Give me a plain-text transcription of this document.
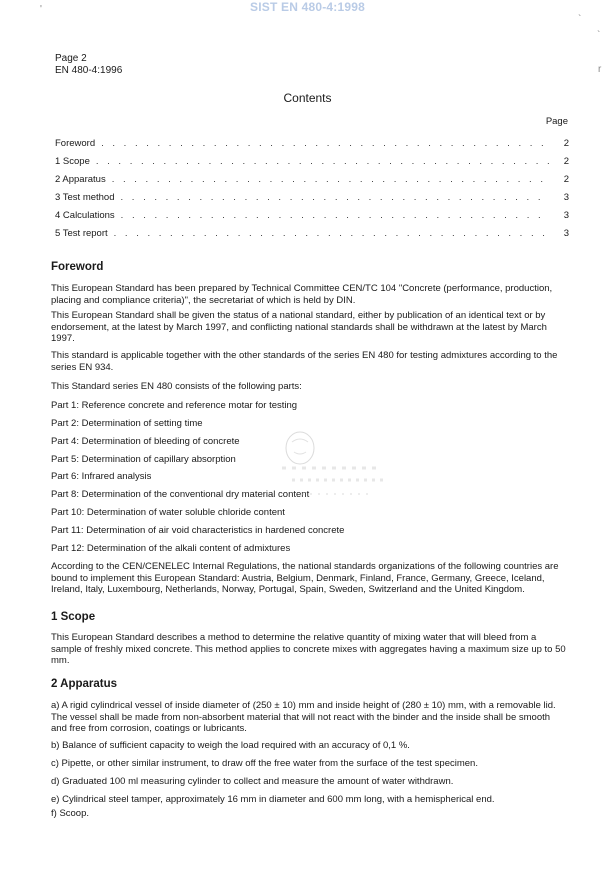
SIST EN 480-4:1998
'
`
`
r
Page 2
EN 480-4:1996
Contents
Page
Foreword . . .	2
1 Scope . . .	2
2 Apparatus . . .	2
3 Test method . . .	3
4 Calculations . . .	3
5 Test report . . .	3
Foreword
This European Standard has been prepared by Technical Committee CEN/TC 104 "Concrete (performance, production, placing and compliance criteria)", the secretariat of which is held by DIN.
This European Standard shall be given the status of a national standard, either by publication of an identical text or by endorsement, at the latest by March 1997, and conflicting national standards shall be withdrawn at the latest by March 1997.
This standard is applicable together with the other standards of the series EN 480 for testing admixtures according to the series EN 934.
This Standard series EN 480 consists of the following parts:
Part 1: Reference concrete and reference motar for testing
Part 2: Determination of setting time
Part 4: Determination of bleeding of concrete
Part 5: Determination of capillary absorption
Part 6: Infrared analysis
Part 8: Determination of the conventional dry material content
Part 10: Determination of water soluble chloride content
Part 11: Determination of air void characteristics in hardened concrete
Part 12: Determination of the alkali content of admixtures
According to the CEN/CENELEC Internal Regulations, the national standards organizations of the following countries are bound to implement this European Standard: Austria, Belgium, Denmark, Finland, France, Germany, Greece, Iceland, Ireland, Italy, Luxembourg, Netherlands, Norway, Portugal, Spain, Sweden, Switzerland and the United Kingdom.
1 Scope
This European Standard describes a method to determine the relative quantity of mixing water that will bleed from a sample of freshly mixed concrete. This method applies to concrete mixes with aggregates having a maximum size up to 50 mm.
2 Apparatus
a) A rigid cylindrical vessel of inside diameter of (250 ± 10) mm and inside height of (280 ± 10) mm, with a removable lid. The vessel shall be made from non-absorbent material that will not react with the binder and the inside shall be smooth and free from corrosion, coatings or lubricants.
b) Balance of sufficient capacity to weigh the load required with an accuracy of 0,1 %.
c) Pipette, or other similar instrument, to draw off the free water from the surface of the test specimen.
d) Graduated 100 ml measuring cylinder to collect and measure the amount of water withdrawn.
e) Cylindrical steel tamper, approximately 16 mm in diameter and 600 mm long, with a hemispherical end.
f) Scoop.
